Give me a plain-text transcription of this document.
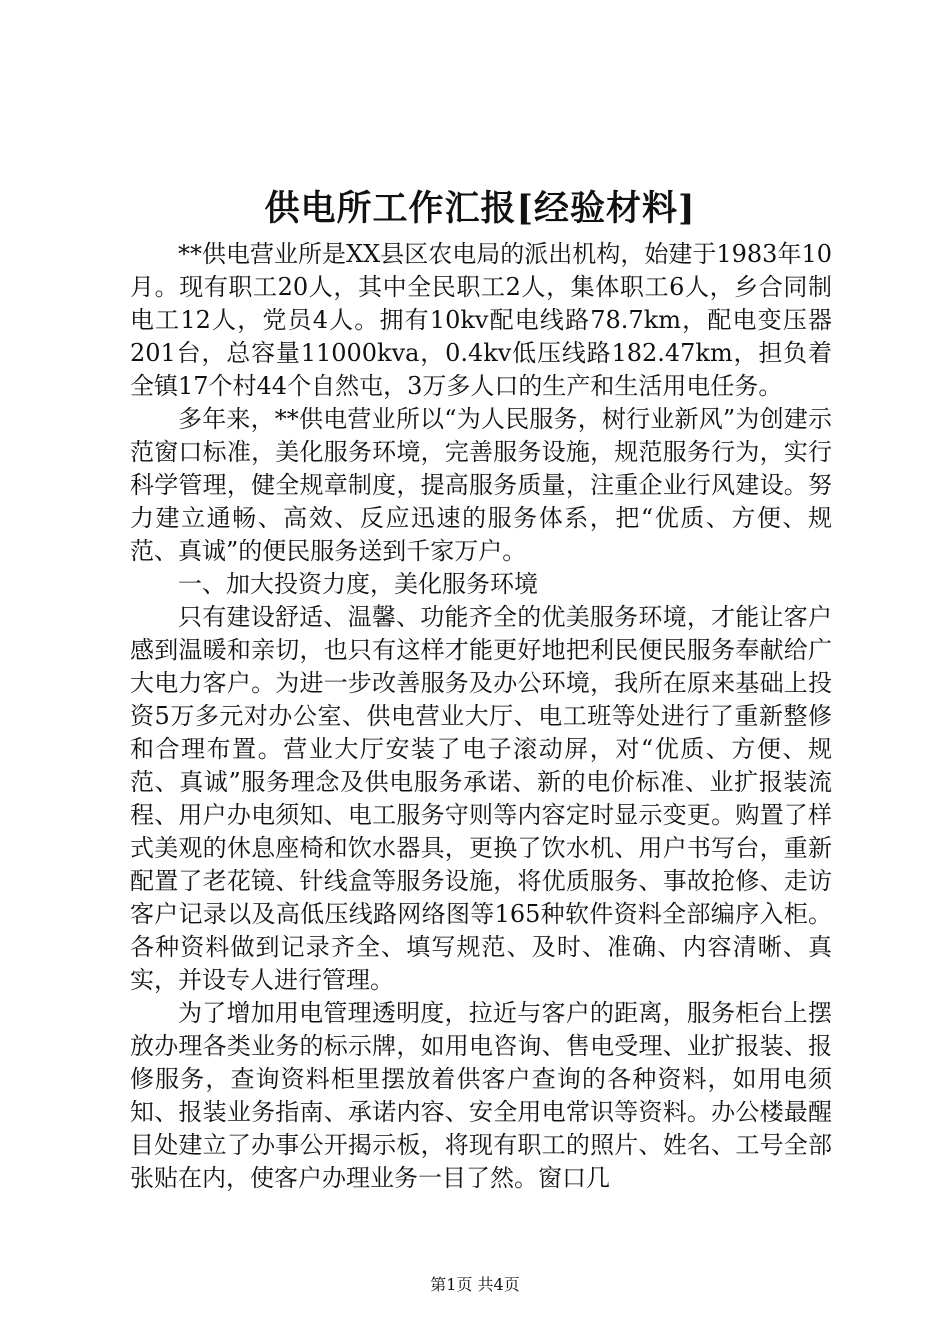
供电所工作汇报[经验材料]

**供电营业所是XX县区农电局的派出机构，始建于1983年10月。现有职工20人，其中全民职工2人，集体职工6人，乡合同制电工12人，党员4人。拥有10kv配电线路78.7km，配电变压器201台，总容量11000kva，0.4kv低压线路182.47km，担负着全镇17个村44个自然屯，3万多人口的生产和生活用电任务。

多年来，**供电营业所以“为人民服务，树行业新风”为创建示范窗口标准，美化服务环境，完善服务设施，规范服务行为，实行科学管理，健全规章制度，提高服务质量，注重企业行风建设。努力建立通畅、高效、反应迅速的服务体系，把“优质、方便、规范、真诚”的便民服务送到千家万户。

一、加大投资力度，美化服务环境

只有建设舒适、温馨、功能齐全的优美服务环境，才能让客户感到温暖和亲切，也只有这样才能更好地把利民便民服务奉献给广大电力客户。为进一步改善服务及办公环境，我所在原来基础上投资5万多元对办公室、供电营业大厅、电工班等处进行了重新整修和合理布置。营业大厅安装了电子滚动屏，对“优质、方便、规范、真诚”服务理念及供电服务承诺、新的电价标准、业扩报装流程、用户办电须知、电工服务守则等内容定时显示变更。购置了样式美观的休息座椅和饮水器具，更换了饮水机、用户书写台，重新配置了老花镜、针线盒等服务设施，将优质服务、事故抢修、走访客户记录以及高低压线路网络图等165种软件资料全部编序入柜。各种资料做到记录齐全、填写规范、及时、准确、内容清晰、真实，并设专人进行管理。

为了增加用电管理透明度，拉近与客户的距离，服务柜台上摆放办理各类业务的标示牌，如用电咨询、售电受理、业扩报装、报修服务，查询资料柜里摆放着供客户查询的各种资料，如用电须知、报装业务指南、承诺内容、安全用电常识等资料。办公楼最醒目处建立了办事公开揭示板，将现有职工的照片、姓名、工号全部张贴在内，使客户办理业务一目了然。窗口几

第1页 共4页
